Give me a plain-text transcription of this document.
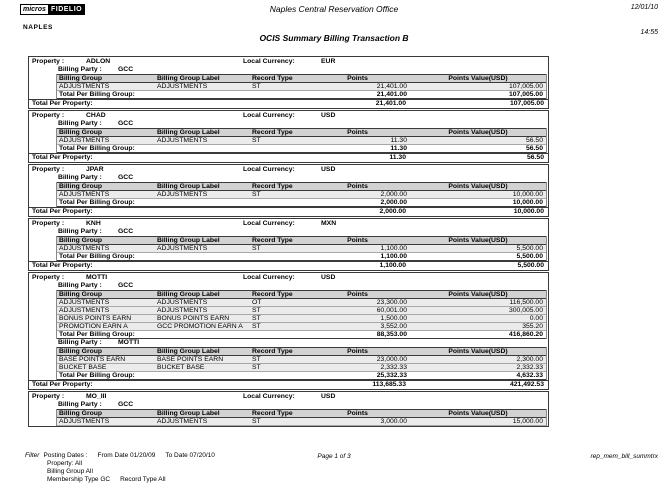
micros FIDELIO
NAPLES
Naples Central Reservation Office	12/01/10
14:55
OCIS Summary Billing Transaction B
Property :	ADLON	Local Currency:	EUR
Billing Party : GCC
Billing Group	Billing Group Label	Record Type	Points	Points Value(USD)
ADJUSTMENTS	ADJUSTMENTS	ST	21,401.00	107,005.00
Total Per Billing Group:	21,401.00	107,005.00
Total Per Property:	21,401.00	107,005.00
Property :	CHAD	Local Currency:	USD
Billing Party : GCC
Billing Group	Billing Group Label	Record Type	Points	Points Value(USD)
ADJUSTMENTS	ADJUSTMENTS	ST	11.30	56.50
Total Per Billing Group:	11.30	56.50
Total Per Property:	11.30	56.50
Property :	JPAR	Local Currency:	USD
Billing Party : GCC
Billing Group	Billing Group Label	Record Type	Points	Points Value(USD)
ADJUSTMENTS	ADJUSTMENTS	ST	2,000.00	10,000.00
Total Per Billing Group:	2,000.00	10,000.00
Total Per Property:	2,000.00	10,000.00
Property :	KNH	Local Currency:	MXN
Billing Party : GCC
Billing Group	Billing Group Label	Record Type	Points	Points Value(USD)
ADJUSTMENTS	ADJUSTMENTS	ST	1,100.00	5,500.00
Total Per Billing Group:	1,100.00	5,500.00
Total Per Property:	1,100.00	5,500.00
Property :	MOTTI	Local Currency:	USD
Billing Party : GCC
Billing Group	Billing Group Label	Record Type	Points	Points Value(USD)
ADJUSTMENTS	ADJUSTMENTS	OT	23,300.00	116,500.00
ADJUSTMENTS	ADJUSTMENTS	ST	60,001.00	300,005.00
BONUS POINTS EARN	BONUS POINTS EARN	ST	1,500.00	0.00
PROMOTION EARN A	GCC PROMOTION EARN A	ST	3,552.00	355.20
Total Per Billing Group:	88,353.00	416,860.20
Billing Party : MOTTI
Billing Group	Billing Group Label	Record Type	Points	Points Value(USD)
BASE POINTS EARN	BASE POINTS EARN	ST	23,000.00	2,300.00
BUCKET BASE	BUCKET BASE	ST	2,332.33	2,332.33
Total Per Billing Group:	25,332.33	4,632.33
Total Per Property:	113,685.33	421,492.53
Property :	MO_III	Local Currency:	USD
Billing Party : GCC
Billing Group	Billing Group Label	Record Type	Points	Points Value(USD)
ADJUSTMENTS	ADJUSTMENTS	ST	3,000.00	15,000.00
Filter Posting Dates : From Date 01/20/09 To Date 07/20/10
Property: All
Billing Group All
Membership Type GC Record Type All
Page 1 of 3	rep_mem_bill_summtrx
